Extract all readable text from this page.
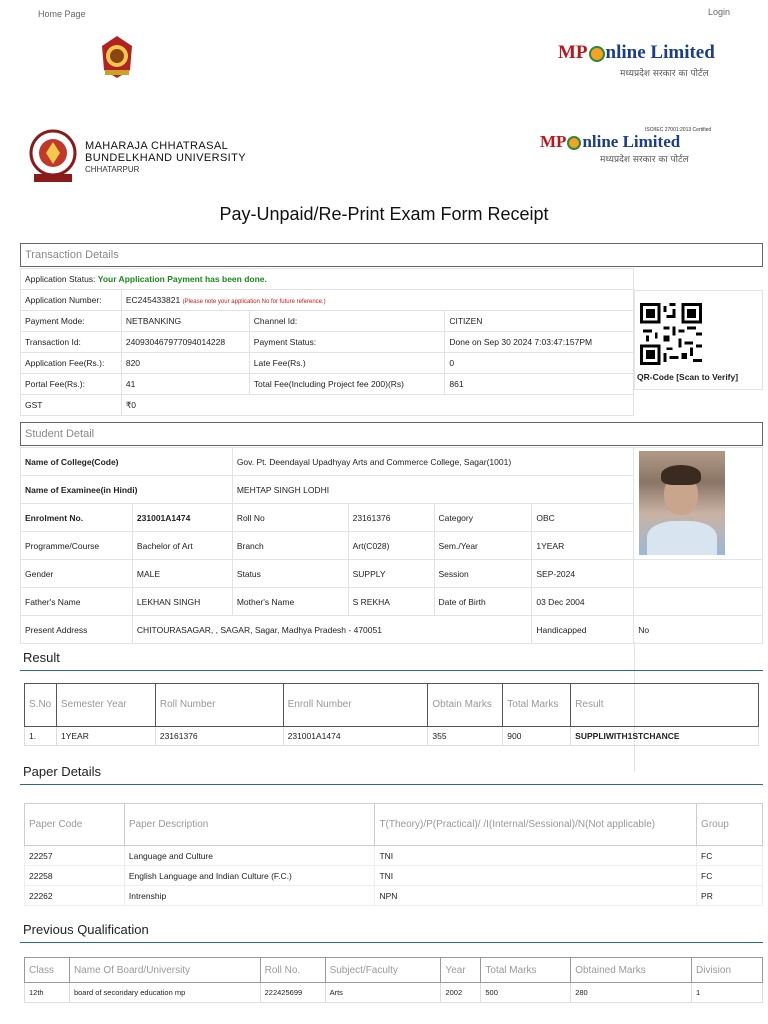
Home Page	Login
MP nline Limited
मध्यप्रदेश सरकार का पोर्टल
MAHARAJA CHHATRASAL
BUNDELKHAND UNIVERSITY
CHHATARPUR
ISO/IEC 27001:2013 Certified
MP nline Limited
मध्यप्रदेश सरकार का पोर्टल
Pay-Unpaid/Re-Print Exam Form Receipt
Transaction Details
Application Status: Your Application Payment has been done.			
Application Number:	EC245433821 (Please note your application No for future reference.)		
Payment Mode:	NETBANKING	Channel Id:	CITIZEN
Transaction Id:	240930467977094014228	Payment Status:	Done on Sep 30 2024 7:03:47:157PM
Application Fee(Rs.):	820	Late Fee(Rs.)	0
Portal Fee(Rs.):	41	Total Fee(Including Project fee 200)(Rs)	861
GST	₹0		
QR-Code [Scan to Verify]
Student Detail
Name of College(Code)		Gov. Pt. Deendayal Upadhyay Arts and Commerce College, Sagar(1001)				
Name of Examinee(in Hindi)		MEHTAP SINGH LODHI				
Enrolment No.	231001A1474	Roll No	23161376	Category	OBC	
Programme/Course	Bachelor of Art	Branch	Art(C028)	Sem./Year	1YEAR	
Gender	MALE	Status	SUPPLY	Session	SEP-2024	
Father's Name	LEKHAN SINGH	Mother's Name	S REKHA	Date of Birth	03 Dec 2004	
Present Address	CHITOURASAGAR, , SAGAR, Sagar, Madhya Pradesh - 470051				Handicapped	No
Result
S.No	Semester Year	Roll Number	Enroll Number	Obtain Marks	Total Marks	Result
1.	1YEAR	23161376	231001A1474	355	900	SUPPLIWITH1STCHANCE
Paper Details
Paper Code	Paper Description	T(Theory)/P(Practical)/ /I(Internal/Sessional)/N(Not applicable)	Group
22257	Language and Culture	TNI	FC
22258	English Language and Indian Culture (F.C.)	TNI	FC
22262	Intrenship	NPN	PR
Previous Qualification
Class	Name Of Board/University	Roll No.	Subject/Faculty	Year	Total Marks	Obtained Marks	Division
12th	board of secondary education mp	222425699	Arts	2002	500	280	1
